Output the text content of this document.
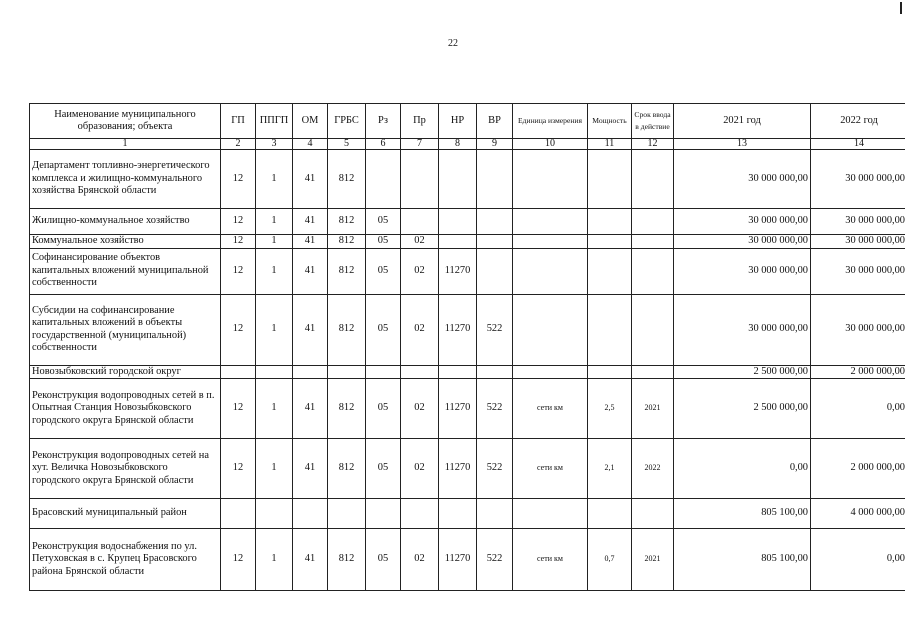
22
Наименование муниципального образования; объекта	ГП	ППГП	ОМ	ГРБС	Рз	Пр	НР	ВР	Единица измерения	Мощность	Срок ввода в действие	2021 год	2022 год
1	2	3	4	5	6	7	8	9	10	11	12	13	14
Департамент топливно-энергетического комплекса и жилищно-коммунального хозяйства Брянской области	12	1	41	812								30 000 000,00	30 000 000,00
Жилищно-коммунальное хозяйство	12	1	41	812	05							30 000 000,00	30 000 000,00
Коммунальное хозяйство	12	1	41	812	05	02						30 000 000,00	30 000 000,00
Софинансирование объектов капитальных вложений муниципальной собственности	12	1	41	812	05	02	11270					30 000 000,00	30 000 000,00
Субсидии на софинансирование капитальных вложений в объекты государственной (муниципальной) собственности	12	1	41	812	05	02	11270	522				30 000 000,00	30 000 000,00
Новозыбковский городской округ												2 500 000,00	2 000 000,00
Реконструкция водопроводных сетей в п. Опытная Станция Новозыбковского городского округа Брянской области	12	1	41	812	05	02	11270	522	сети км	2,5	2021	2 500 000,00	0,00
Реконструкция водопроводных сетей на хут. Величка Новозыбковского городского округа Брянской области	12	1	41	812	05	02	11270	522	сети км	2,1	2022	0,00	2 000 000,00
Брасовский муниципальный район												805 100,00	4 000 000,00
Реконструкция водоснабжения по ул. Петуховская в с. Крупец Брасовского района Брянской области	12	1	41	812	05	02	11270	522	сети км	0,7	2021	805 100,00	0,00
